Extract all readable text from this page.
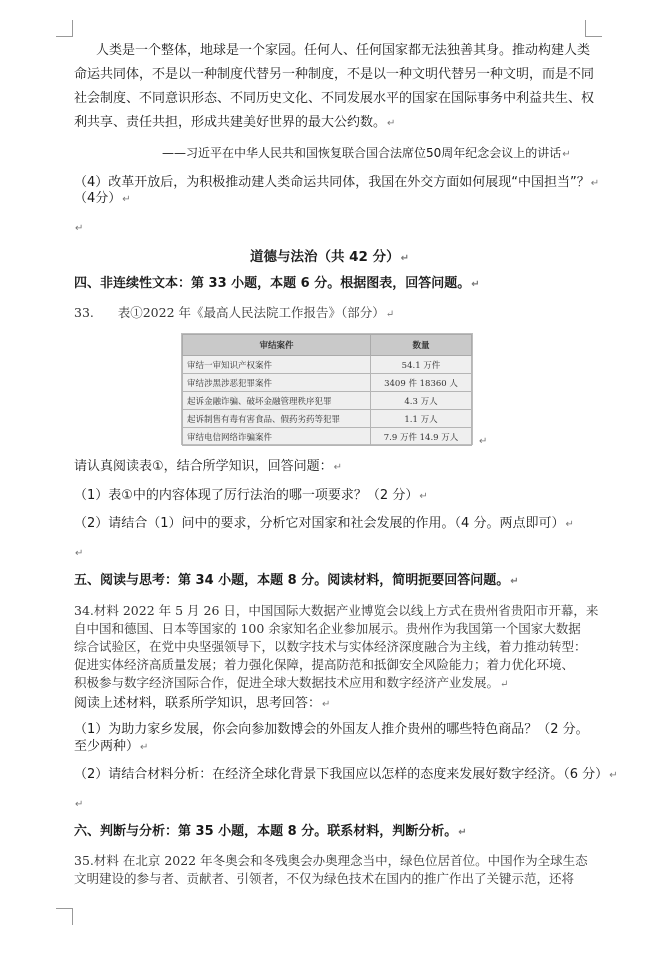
人类是一个整体，地球是一个家园。任何人、任何国家都无法独善其身。推动构建人类
命运共同体，不是以一种制度代替另一种制度，不是以一种文明代替另一种文明，而是不同
社会制度、不同意识形态、不同历史文化、不同发展水平的国家在国际事务中利益共生、权
利共享、责任共担，形成共建美好世界的最大公约数。↵
——习近平在中华人民共和国恢复联合国合法席位50周年纪念会议上的讲话↵
（4）改革开放后，为积极推动建人类命运共同体，我国在外交方面如何展现“中国担当”？↵
（4分）↵
↵
道德与法治（共 42 分）↵
四、非连续性文本：第 33 小题，本题 6 分。根据图表，回答问题。↵
33. 表①2022 年《最高人民法院工作报告》（部分）↵
审结案件	数量
审结一审知识产权案件	54.1 万件
审结涉黑涉恶犯罪案件	3409 件 18360 人
起诉金融诈骗、破坏金融管理秩序犯罪	4.3 万人
起诉制售有毒有害食品、假药劣药等犯罪	1.1 万人
审结电信网络诈骗案件	7.9 万件 14.9 万人 ↵
请认真阅读表①，结合所学知识，回答问题：↵
（1）表①中的内容体现了厉行法治的哪一项要求？（2 分）↵
（2）请结合（1）问中的要求，分析它对国家和社会发展的作用。（4 分。两点即可）↵
↵
五、阅读与思考：第 34 小题，本题 8 分。阅读材料，简明扼要回答问题。↵
34.材料 2022 年 5 月 26 日，中国国际大数据产业博览会以线上方式在贵州省贵阳市开幕，来
自中国和德国、日本等国家的 100 余家知名企业参加展示。贵州作为我国第一个国家大数据
综合试验区，在党中央坚强领导下，以数字技术与实体经济深度融合为主线，着力推动转型：
促进实体经济高质量发展；着力强化保障，提高防范和抵御安全风险能力；着力优化环境、
积极参与数字经济国际合作，促进全球大数据技术应用和数字经济产业发展。↵
阅读上述材料，联系所学知识，思考回答：↵
（1）为助力家乡发展，你会向参加数博会的外国友人推介贵州的哪些特色商品？（2 分。
至少两种）↵
（2）请结合材料分析：在经济全球化背景下我国应以怎样的态度来发展好数字经济。（6 分）↵
↵
六、判断与分析：第 35 小题，本题 8 分。联系材料，判断分析。↵
35.材料 在北京 2022 年冬奥会和冬残奥会办奥理念当中，绿色位居首位。中国作为全球生态
文明建设的参与者、贡献者、引领者，不仅为绿色技术在国内的推广作出了关键示范，还将
